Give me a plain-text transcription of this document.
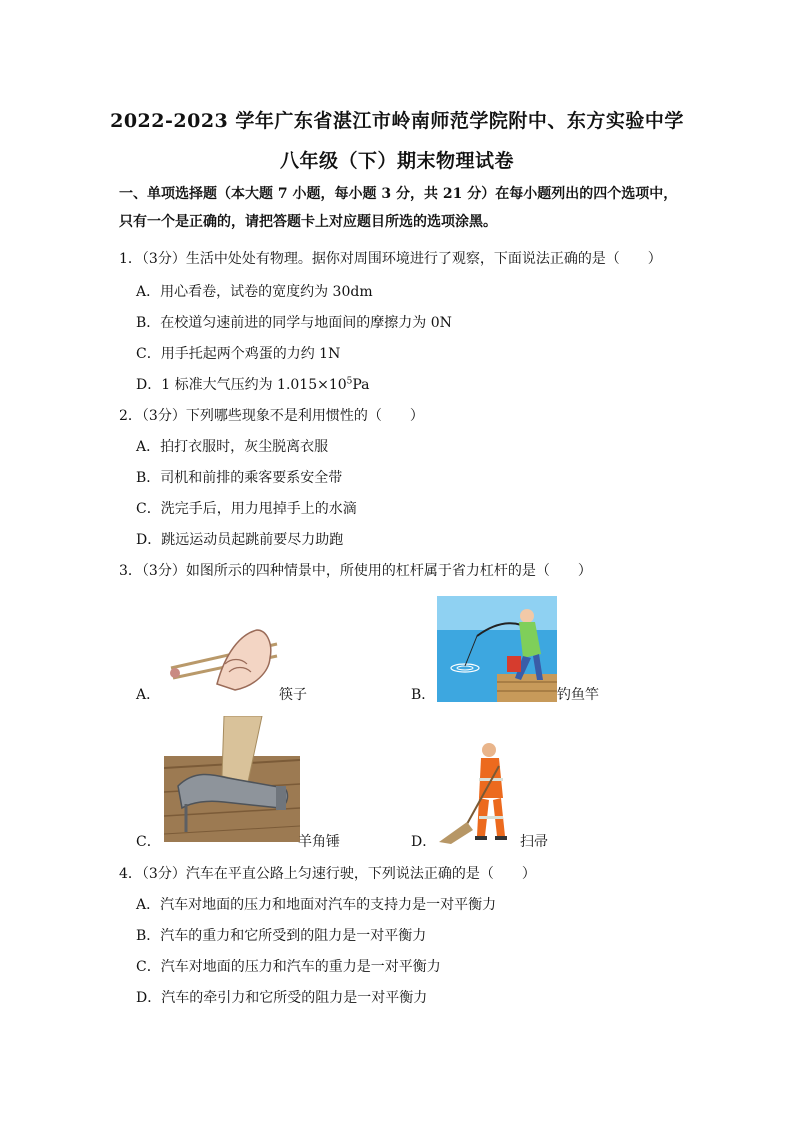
2022-2023 学年广东省湛江市岭南师范学院附中、东方实验中学
八年级（下）期末物理试卷
一、单项选择题（本大题 7 小题，每小题 3 分，共 21 分）在每小题列出的四个选项中，只有一个是正确的，请把答题卡上对应题目所选的选项涂黑。
1．（3分）生活中处处有物理。据你对周围环境进行了观察，下面说法正确的是（　　）
A．用心看卷，试卷的宽度约为 30dm
B．在校道匀速前进的同学与地面间的摩擦力为 0N
C．用手托起两个鸡蛋的力约 1N
D．1 标准大气压约为 $1.015\times 10^5Pa$
2．（3分）下列哪些现象不是利用惯性的（　　）
A．拍打衣服时，灰尘脱离衣服
B．司机和前排的乘客要系安全带
C．洗完手后，用力甩掉手上的水滴
D．跳远运动员起跳前要尽力助跑
3．（3分）如图所示的四种情景中，所使用的杠杆属于省力杠杆的是（　　）
A．	筷子	B．	钓鱼竿
C．	羊角锤	D．	扫帚
4．（3分）汽车在平直公路上匀速行驶，下列说法正确的是（　　）
A．汽车对地面的压力和地面对汽车的支持力是一对平衡力
B．汽车的重力和它所受到的阻力是一对平衡力
C．汽车对地面的压力和汽车的重力是一对平衡力
D．汽车的牵引力和它所受的阻力是一对平衡力
